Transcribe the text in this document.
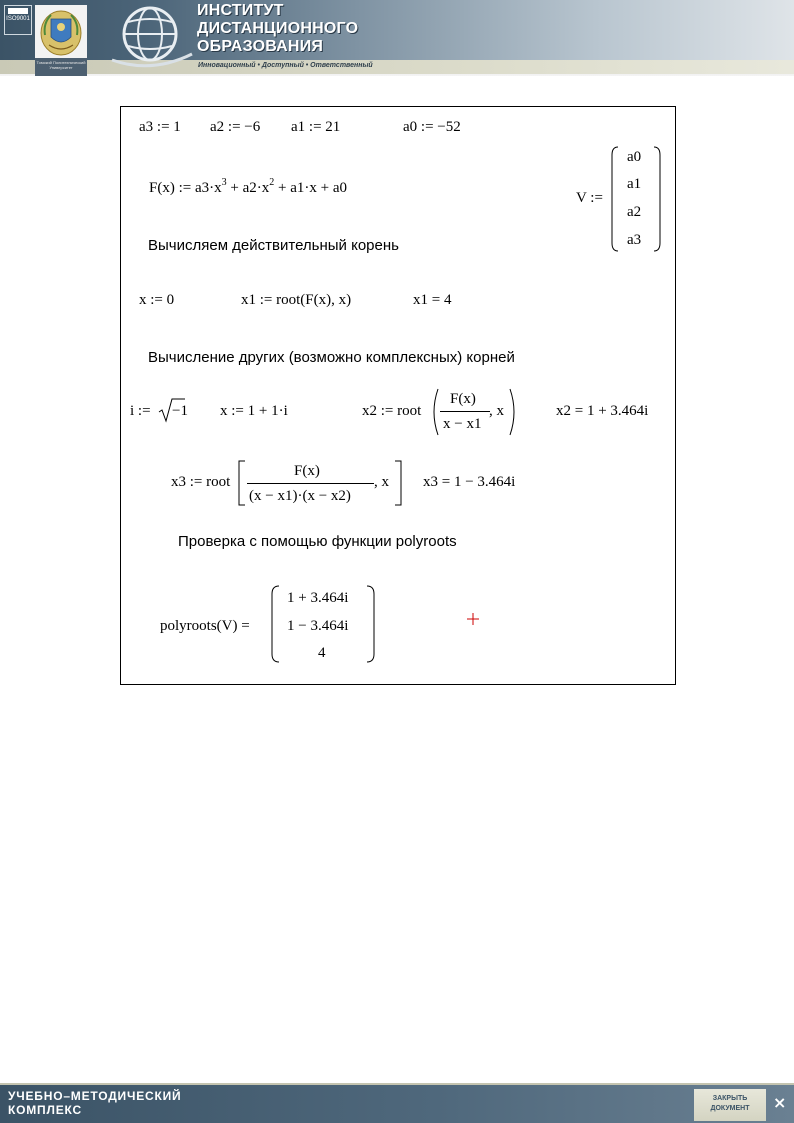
ISO9001
Томский Политехнический Университет
ИНСТИТУТ
ДИСТАНЦИОННОГО
ОБРАЗОВАНИЯ
Инновационный • Доступный • Ответственный
a3 := 1 a2 := −6 a1 := 21	a0 := −52
F(x) := $a3\cdot x^3 + a2\cdot x^2 + a1\cdot x + a0$
V :=
a0
a1
a2
a3
Вычисляем действительный корень
x := 0	x1 := root(F(x), x)	x1 = 4
Вычисление других (возможно комплексных) корней
i := −1 x := 1 + 1·i	x2 := root
F(x)
x − x1
, x	x2 = 1 + 3.464i
x3 := root
F(x)
(x − x1)·(x − x2)
, x x3 = 1 − 3.464i
Проверка с помощью функции polyroots
polyroots(V) =
1 + 3.464i
1 − 3.464i
4
УЧЕБНО–МЕТОДИЧЕСКИЙ
КОМПЛЕКС
ЗАКРЫТЬ
ДОКУМЕНТ	×
